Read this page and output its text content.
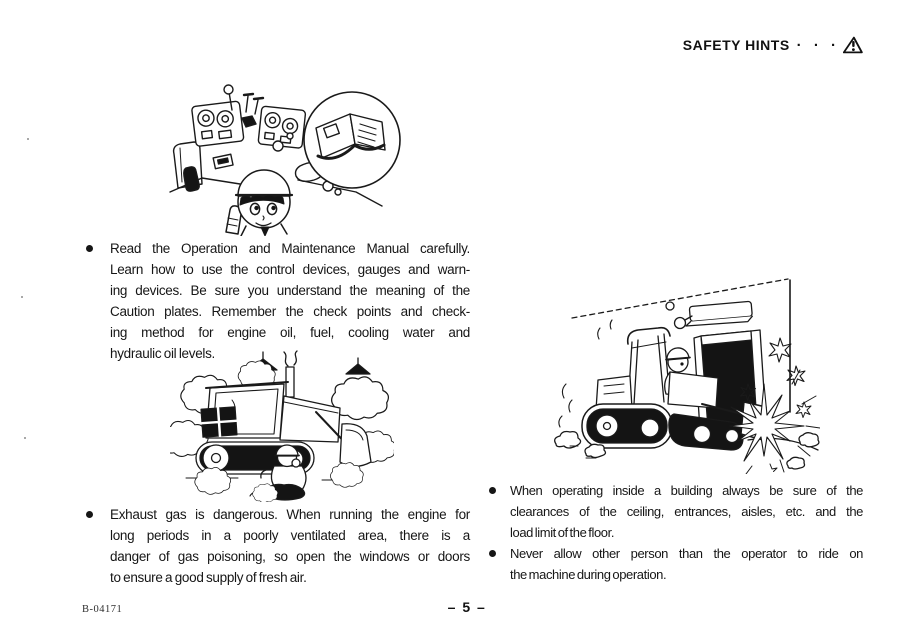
SAFETY HINTS · · ·
Read the Operation and Maintenance Manual carefully.
Learn how to use the control devices, gauges and warn-
ing devices. Be sure you understand the meaning of the
Caution plates. Remember the check points and check-
ing method for engine oil, fuel, cooling water and
hydraulic oil levels.
Exhaust gas is dangerous. When running the engine for
long periods in a poorly ventilated area, there is a
danger of gas poisoning, so open the windows or doors
to ensure a good supply of fresh air.
When operating inside a building always be sure of the
clearances of the ceiling, entrances, aisles, etc. and the
load limit of the floor.
Never allow other person than the operator to ride on
the machine during operation.
B-04171	– 5 –
